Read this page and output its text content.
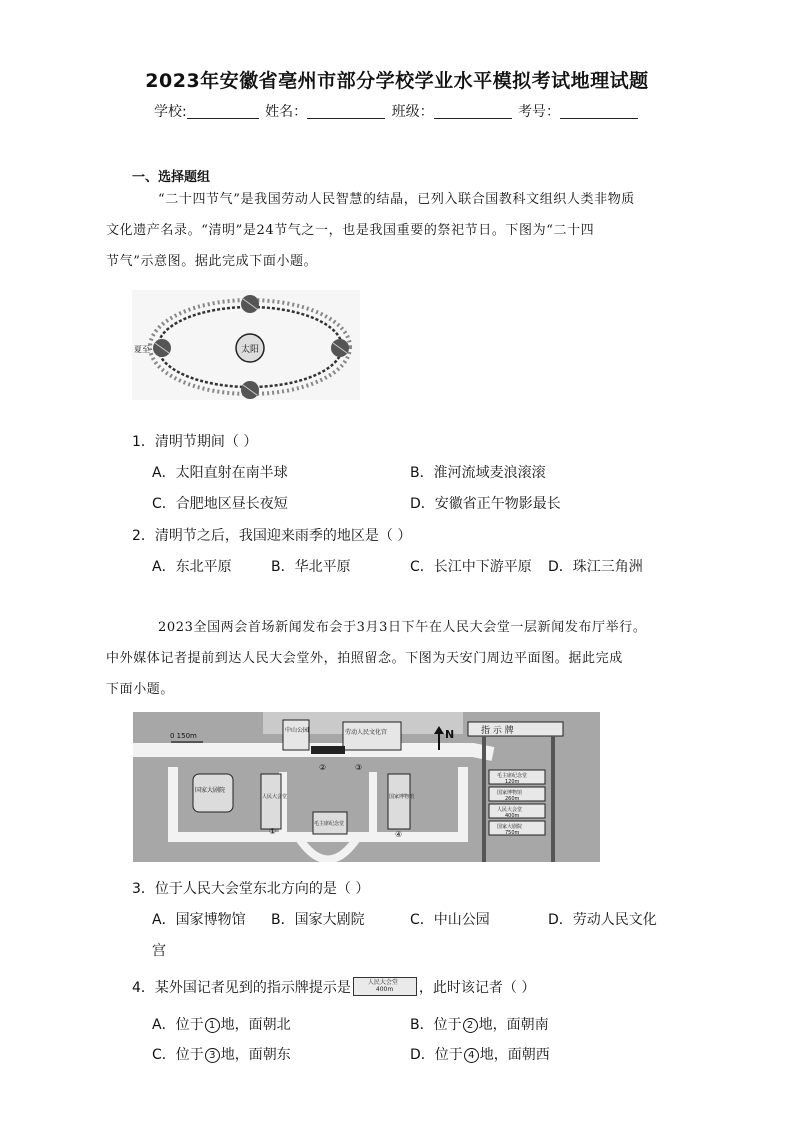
2023年安徽省亳州市部分学校学业水平模拟考试地理试题
学校:	姓名：	班级：	考号：
一、选择题组
“二十四节气”是我国劳动人民智慧的结晶，已列入联合国教科文组织人类非物质
文化遗产名录。“清明”是24节气之一，也是我国重要的祭祀节日。下图为“二十四
节气”示意图。据此完成下面小题。
太阳
夏至
1．清明节期间（ ）
A．太阳直射在南半球	B．淮河流域麦浪滚滚
C．合肥地区昼长夜短	D．安徽省正午物影最长
2．清明节之后，我国迎来雨季的地区是（ ）
A．东北平原	B．华北平原	C．长江中下游平原 D．珠江三角洲
2023全国两会首场新闻发布会于3月3日下午在人民大会堂一层新闻发布厅举行。
中外媒体记者提前到达人民大会堂外，拍照留念。下图为天安门周边平面图。据此完成
下面小题。
0 150m
中山公园	劳动人民文化宫
国家大剧院
人民大会堂	国家博物馆
毛主席纪念堂
①
②	③
④
N	指 示 牌
毛主席纪念堂
120m
国家博物馆
260m
人民大会堂
400m
国家大剧院
750m
3．位于人民大会堂东北方向的是（ ）
A．国家博物馆 B．国家大剧院	C．中山公园	D．劳动人民文化
宫
4．某外国记者见到的指示牌提示是	人民大会堂
400m ，此时该记者（ ）
A．位于 1 地，面朝北	B．位于 2 地，面朝南
C．位于 3 地，面朝东	D．位于 4 地，面朝西
